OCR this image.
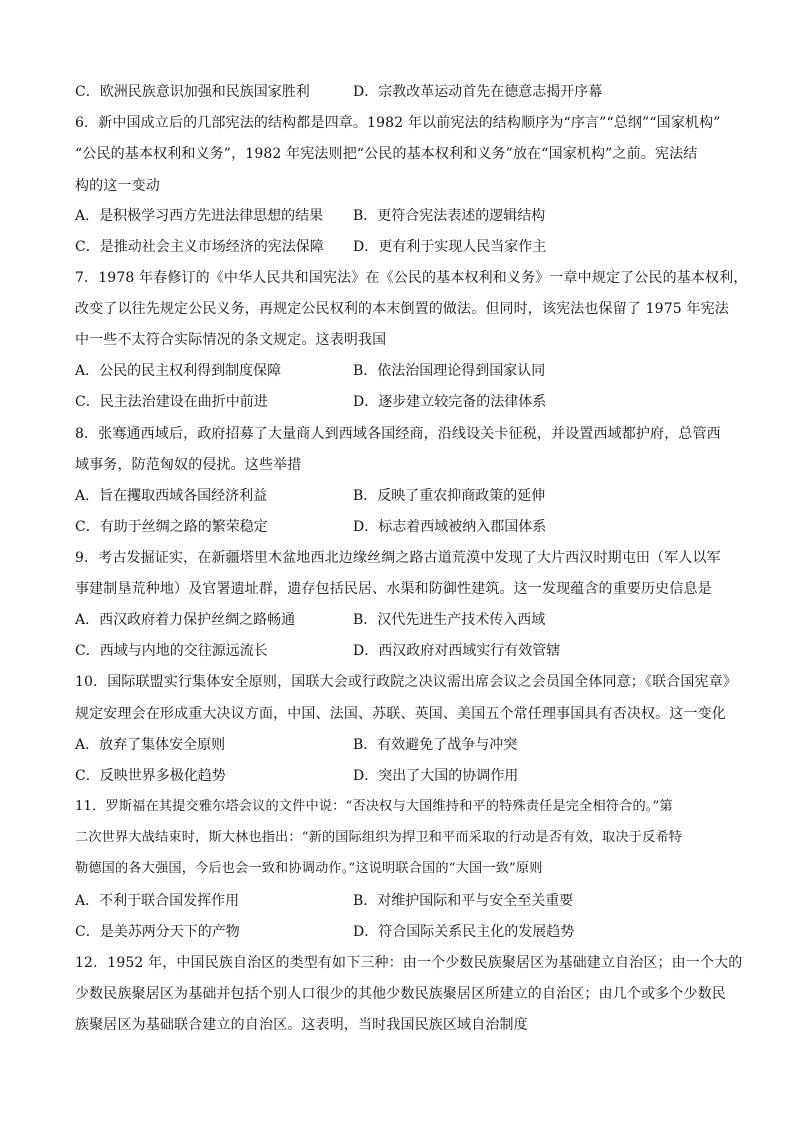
C．欧洲民族意识加强和民族国家胜利	D．宗教改革运动首先在德意志揭开序幕
6．新中国成立后的几部宪法的结构都是四章。1982 年以前宪法的结构顺序为“序言”“总纲”“国家机构”
“公民的基本权利和义务”，1982 年宪法则把“公民的基本权利和义务”放在“国家机构”之前。宪法结
构的这一变动
A．是积极学习西方先进法律思想的结果 B．更符合宪法表述的逻辑结构
C．是推动社会主义市场经济的宪法保障 D．更有利于实现人民当家作主
7．1978 年春修订的《中华人民共和国宪法》在《公民的基本权利和义务》一章中规定了公民的基本权利，
改变了以往先规定公民义务，再规定公民权利的本末倒置的做法。但同时，该宪法也保留了 1975 年宪法
中一些不太符合实际情况的条文规定。这表明我国
A．公民的民主权利得到制度保障	B．依法治国理论得到国家认同
C．民主法治建设在曲折中前进	D．逐步建立较完备的法律体系
8．张骞通西域后，政府招募了大量商人到西域各国经商，沿线设关卡征税，并设置西域都护府，总管西
域事务，防范匈奴的侵扰。这些举措
A．旨在攫取西域各国经济利益	B．反映了重农抑商政策的延伸
C．有助于丝绸之路的繁荣稳定	D．标志着西域被纳入郡国体系
9．考古发掘证实，在新疆塔里木盆地西北边缘丝绸之路古道荒漠中发现了大片西汉时期屯田（军人以军
事建制垦荒种地）及官署遗址群，遗存包括民居、水渠和防御性建筑。这一发现蕴含的重要历史信息是
A．西汉政府着力保护丝绸之路畅通	B．汉代先进生产技术传入西域
C．西域与内地的交往源远流长	D．西汉政府对西域实行有效管辖
10．国际联盟实行集体安全原则，国联大会或行政院之决议需出席会议之会员国全体同意；《联合国宪章》
规定安理会在形成重大决议方面，中国、法国、苏联、英国、美国五个常任理事国具有否决权。这一变化
A．放弃了集体安全原则	B．有效避免了战争与冲突
C．反映世界多极化趋势	D．突出了大国的协调作用
11．罗斯福在其提交雅尔塔会议的文件中说：“否决权与大国维持和平的特殊责任是完全相符合的。”第
二次世界大战结束时，斯大林也指出：“新的国际组织为捍卫和平而采取的行动是否有效，取决于反希特
勒德国的各大强国，今后也会一致和协调动作。”这说明联合国的“大国一致”原则
A．不利于联合国发挥作用	B．对维护国际和平与安全至关重要
C．是美苏两分天下的产物	D．符合国际关系民主化的发展趋势
12．1952 年，中国民族自治区的类型有如下三种：由一个少数民族聚居区为基础建立自治区；由一个大的
少数民族聚居区为基础并包括个别人口很少的其他少数民族聚居区所建立的自治区；由几个或多个少数民
族聚居区为基础联合建立的自治区。这表明，当时我国民族区域自治制度
